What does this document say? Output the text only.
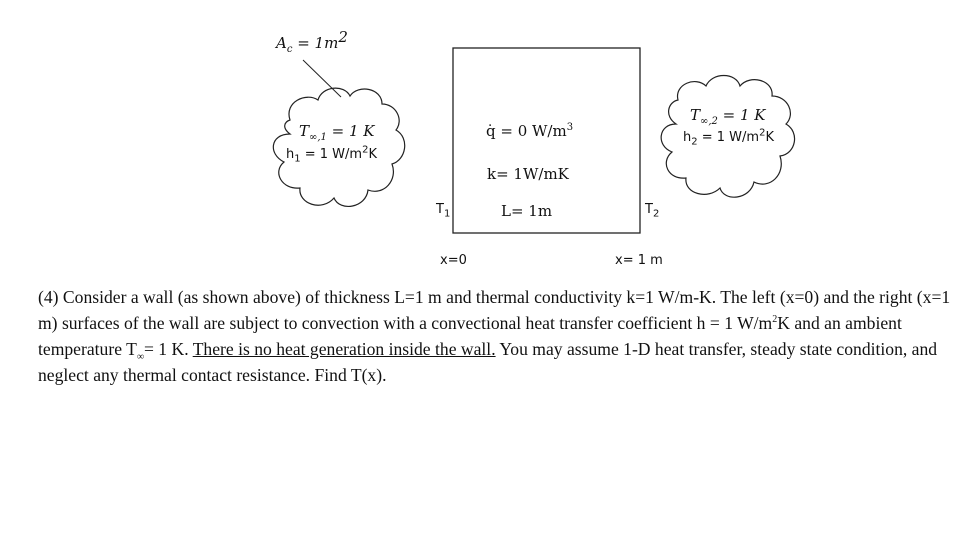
$A_c = 1m^2$
$T_{\infty,1} = 1$ K
$h_1 = 1$ $W/m^2K$
$T_{\infty,2} = 1$ K
$h_2 = 1$ $W/m^2K$
q̇ = 0 $W/m^3$
k= 1W/mK
L= 1m
$T_1$	$T_2$
x=0	x= 1 m
(4) Consider a wall (as shown above) of thickness L=1 m and thermal conductivity k=1 W/m-K. The left (x=0) and the right (x=1 m) surfaces of the wall are subject to convection with a convectional heat transfer coefficient h = 1 $W/m^2K$ and an ambient temperature $T_\infty= 1$ K. There is no heat generation inside the wall. You may assume 1-D heat transfer, steady state condition, and neglect any thermal contact resistance. Find T(x).
